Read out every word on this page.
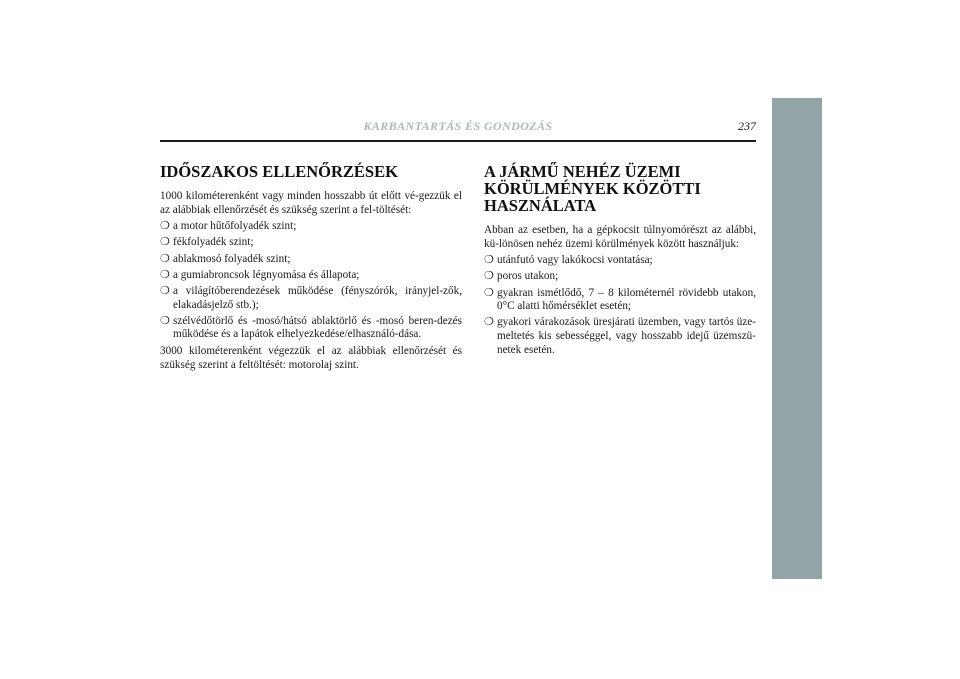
KARBANTARTÁS ÉS GONDOZÁS	237
IDŐSZAKOS ELLENŐRZÉSEK

1000 kilométerenként vagy minden hosszabb út előtt vé-gezzük el az alábbiak ellenőrzését és szükség szerint a fel-töltését:

❍ a motor hűtőfolyadék szint;
❍ fékfolyadék szint;
❍ ablakmosó folyadék szint;
❍ a gumiabroncsok légnyomása és állapota;
❍ a világítóberendezések működése (fényszórók, irányjel-zők, elakadásjelző stb.);
❍ szélvédőtörlő és -mosó/hátsó ablaktörlő és -mosó beren-dezés működése és a lapátok elhelyezkedése/elhasználó-dása.

3000 kilométerenként végezzük el az alábbiak ellenőrzését és szükség szerint a feltöltését: motorolaj szint.

A JÁRMŰ NEHÉZ ÜZEMI
KÖRÜLMÉNYEK KÖZÖTTI
HASZNÁLATA

Abban az esetben, ha a gépkocsit túlnyomórészt az alábbi, kü-lönösen nehéz üzemi körülmények között használjuk:

❍ utánfutó vagy lakókocsi vontatása;
❍ poros utakon;
❍ gyakran ismétlődő, 7 – 8 kilométernél rövidebb utakon, 0°C alatti hőmérséklet esetén;
❍ gyakori várakozások üresjárati üzemben, vagy tartós üze-meltetés kis sebességgel, vagy hosszabb idejű üzemszü-netek esetén.
